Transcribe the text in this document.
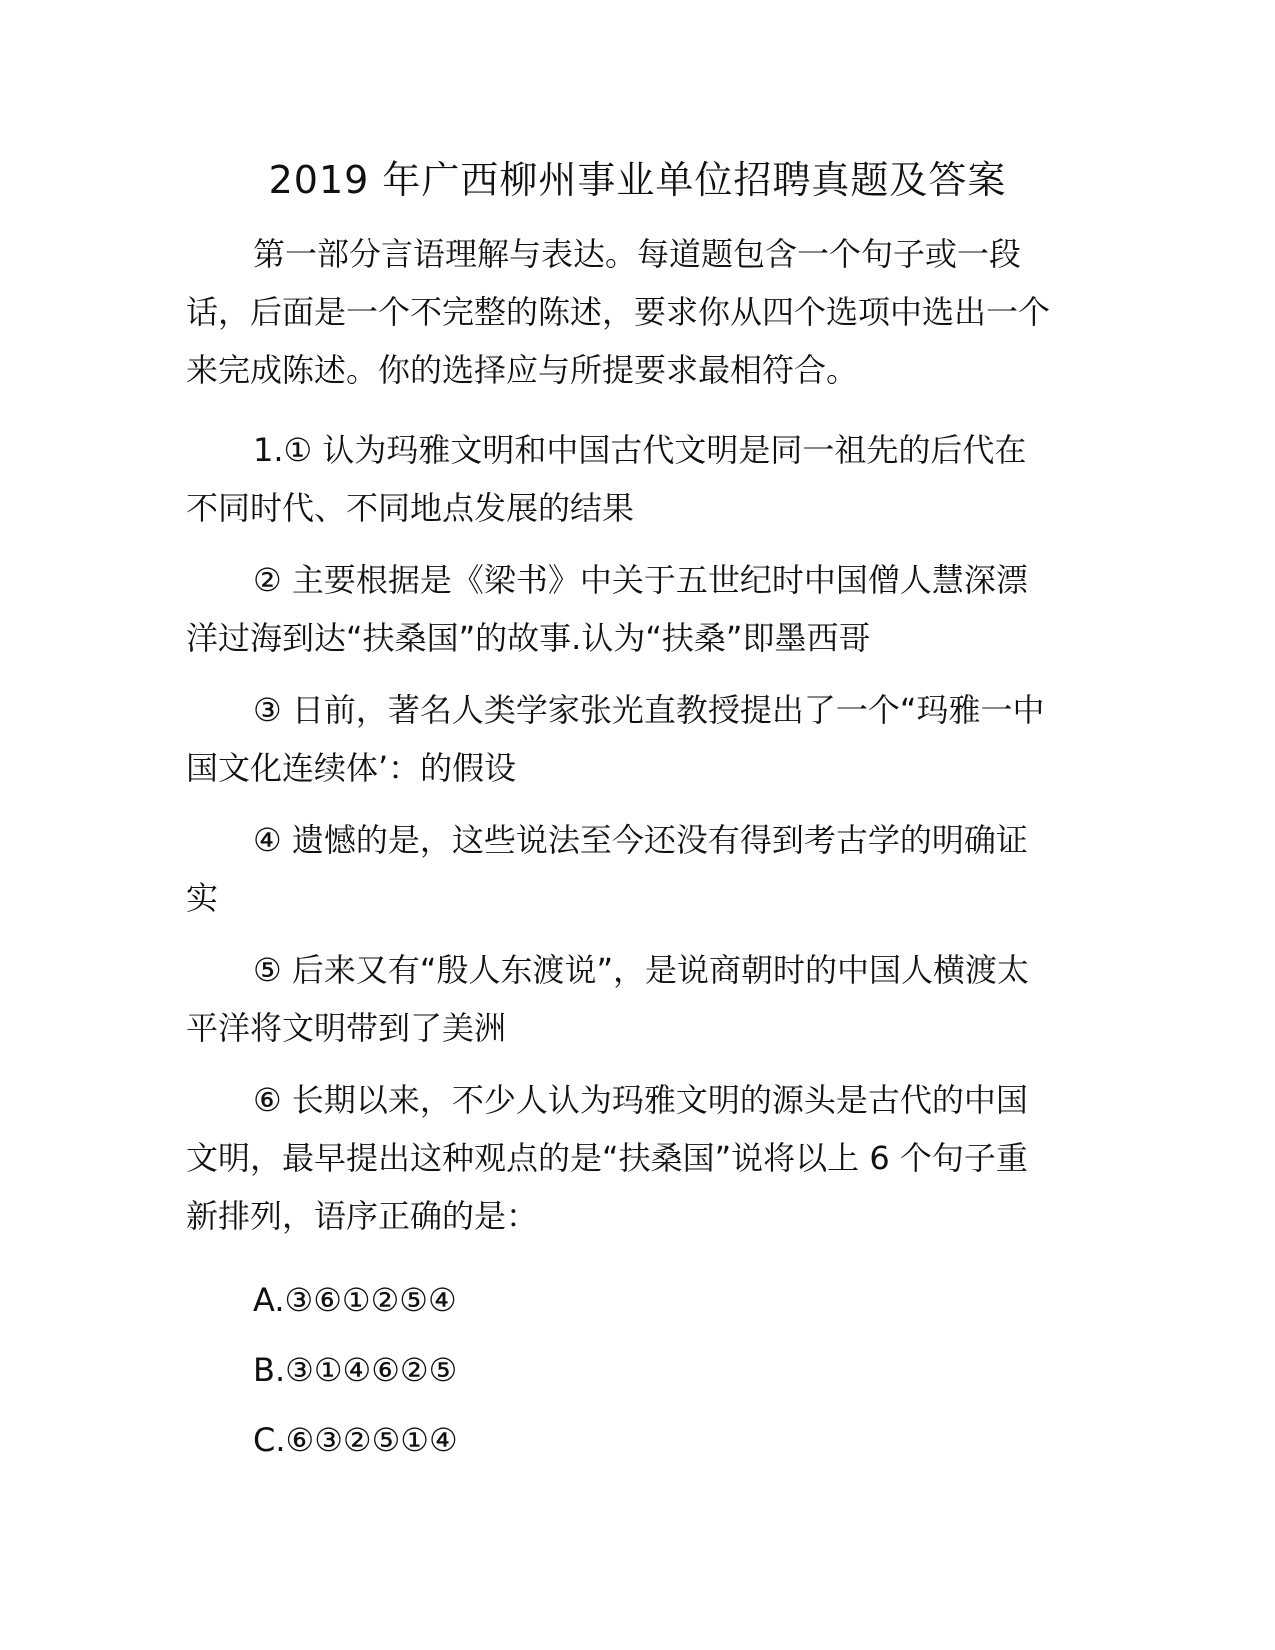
2019 年广西柳州事业单位招聘真题及答案
第一部分言语理解与表达。每道题包含一个句子或一段
话，后面是一个不完整的陈述，要求你从四个选项中选出一个
来完成陈述。你的选择应与所提要求最相符合。
1.① 认为玛雅文明和中国古代文明是同一祖先的后代在
不同时代、不同地点发展的结果
② 主要根据是《梁书》中关于五世纪时中国僧人慧深漂
洋过海到达“扶桑国”的故事.认为“扶桑”即墨西哥
③ 日前，著名人类学家张光直教授提出了一个“玛雅一中
国文化连续体’：的假设
④ 遗憾的是，这些说法至今还没有得到考古学的明确证
实
⑤ 后来又有“殷人东渡说”，是说商朝时的中国人横渡太
平洋将文明带到了美洲
⑥ 长期以来，不少人认为玛雅文明的源头是古代的中国
文明，最早提出这种观点的是“扶桑国”说将以上 6 个句子重
新排列，语序正确的是：
A.③⑥①②⑤④
B.③①④⑥②⑤
C.⑥③②⑤①④
